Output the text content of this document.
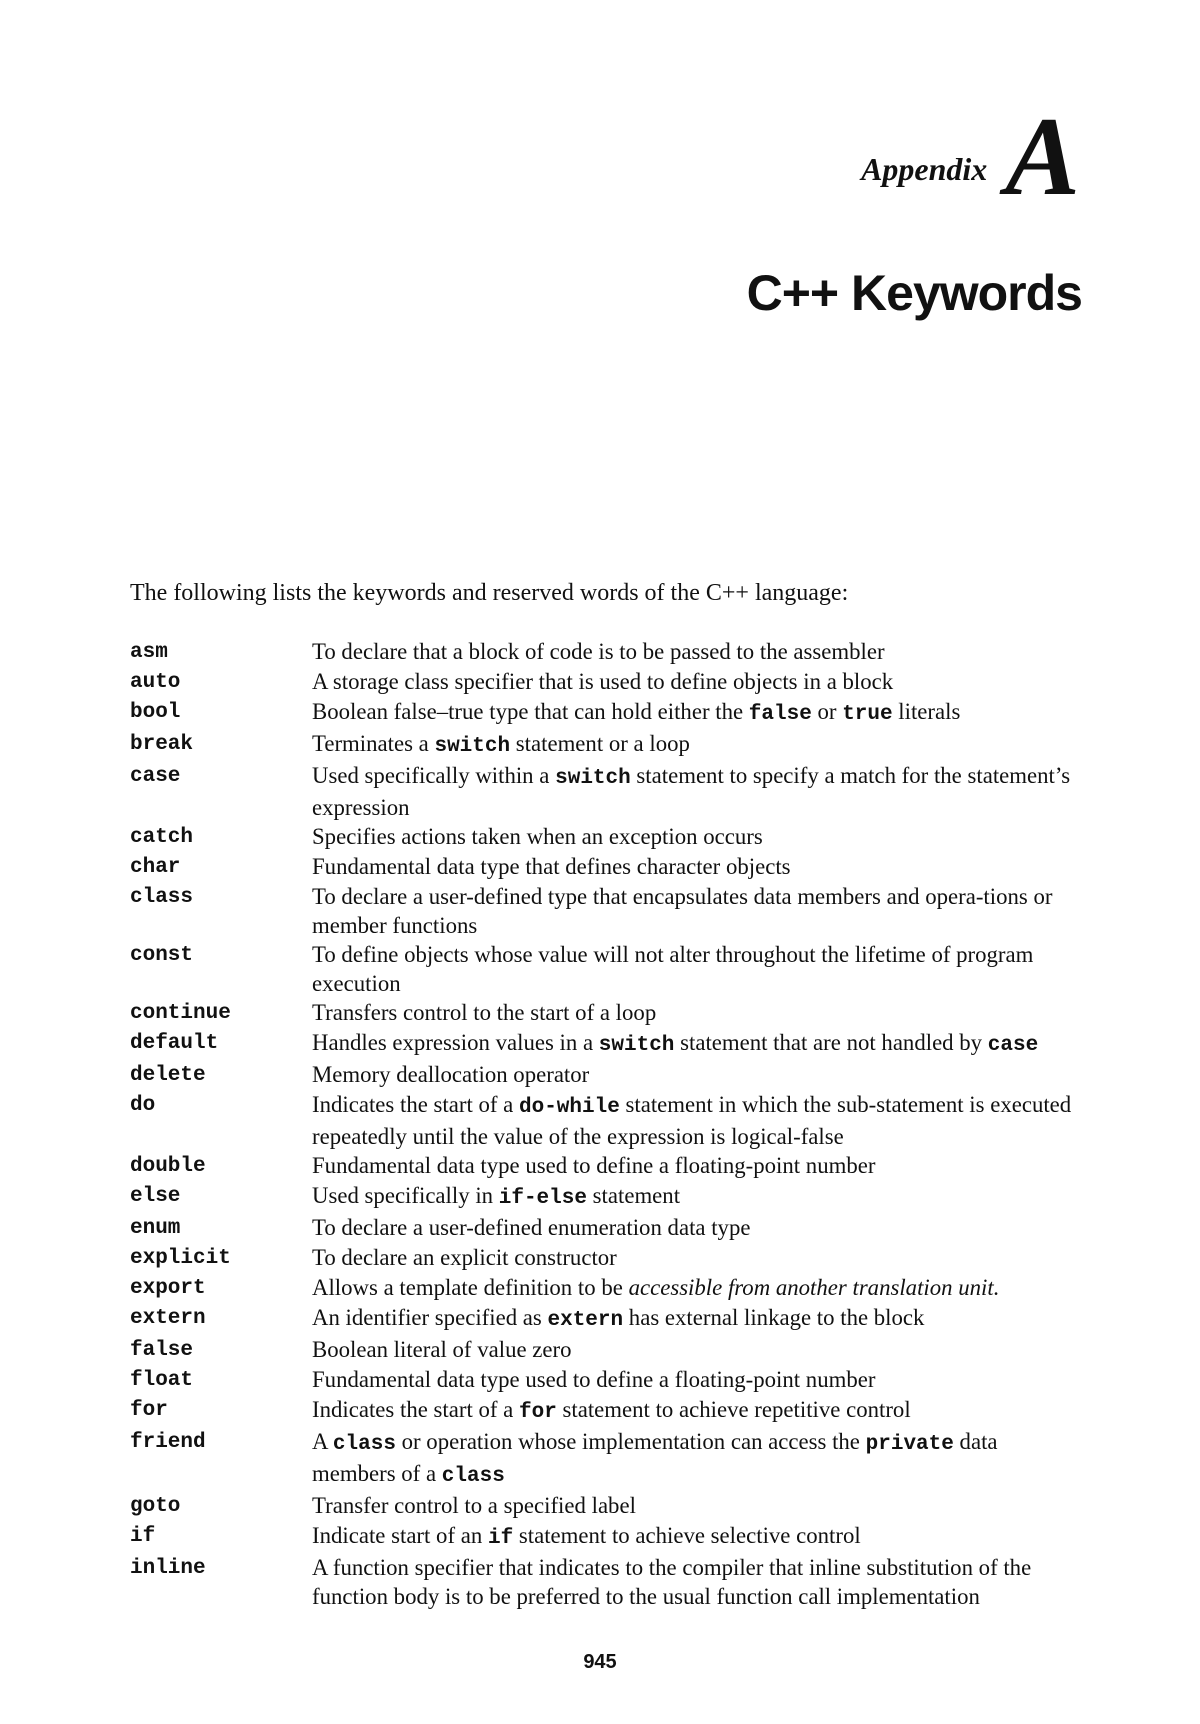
Appendix A
C++ Keywords

The following lists the keywords and reserved words of the C++ language:

asm	To declare that a block of code is to be passed to the assembler
auto	A storage class specifier that is used to define objects in a block
bool	Boolean false–true type that can hold either the false or true literals
break	Terminates a switch statement or a loop
case	Used specifically within a switch statement to specify a match for the statement’s expression
catch	Specifies actions taken when an exception occurs
char	Fundamental data type that defines character objects
class	To declare a user-defined type that encapsulates data members and opera-tions or member functions
const	To define objects whose value will not alter throughout the lifetime of program execution
continue	Transfers control to the start of a loop
default	Handles expression values in a switch statement that are not handled by case
delete	Memory deallocation operator
do	Indicates the start of a do-while statement in which the sub-statement is executed repeatedly until the value of the expression is logical-false
double	Fundamental data type used to define a floating-point number
else	Used specifically in if-else statement
enum	To declare a user-defined enumeration data type
explicit	To declare an explicit constructor
export	Allows a template definition to be accessible from another translation unit.
extern	An identifier specified as extern has external linkage to the block
false	Boolean literal of value zero
float	Fundamental data type used to define a floating-point number
for	Indicates the start of a for statement to achieve repetitive control
friend	A class or operation whose implementation can access the private data members of a class
goto	Transfer control to a specified label
if	Indicate start of an if statement to achieve selective control
inline	A function specifier that indicates to the compiler that inline substitution of the function body is to be preferred to the usual function call implementation
945
